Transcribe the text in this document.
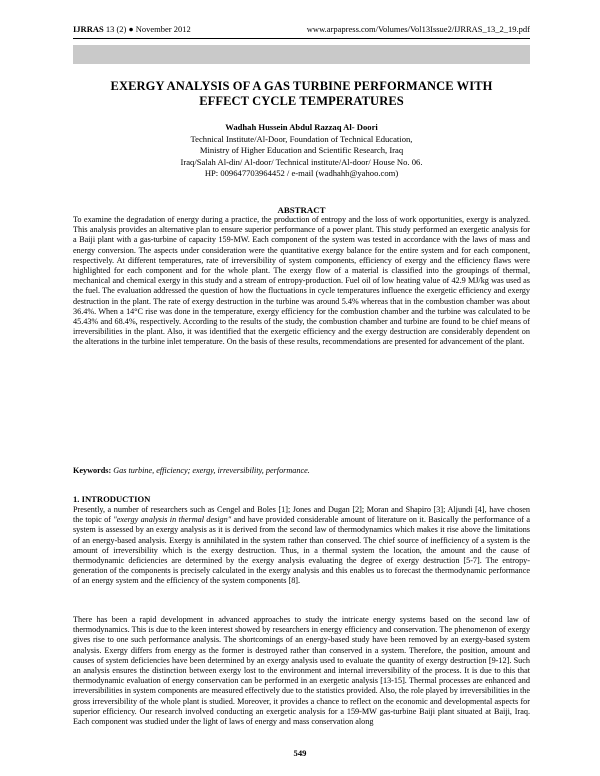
IJRRAS 13 (2) ● November 2012	www.arpapress.com/Volumes/Vol13Issue2/IJRRAS_13_2_19.pdf
EXERGY ANALYSIS OF A GAS TURBINE PERFORMANCE WITH
EFFECT CYCLE TEMPERATURES
Wadhah Hussein Abdul Razzaq Al- Doori
Technical Institute/Al-Door, Foundation of Technical Education,
Ministry of Higher Education and Scientific Research, Iraq
Iraq/Salah Al-din/ Al-door/ Technical institute/Al-door/ House No. 06.
HP: 009647703964452 / e-mail (wadhahh@yahoo.com)
ABSTRACT

To examine the degradation of energy during a practice, the production of entropy and the loss of work opportunities, exergy is analyzed. This analysis provides an alternative plan to ensure superior performance of a power plant. This study performed an exergetic analysis for a Baiji plant with a gas-turbine of capacity 159-MW. Each component of the system was tested in accordance with the laws of mass and energy conversion. The aspects under consideration were the quantitative exergy balance for the entire system and for each component, respectively. At different temperatures, rate of irreversibility of system components, efficiency of exergy and the efficiency flaws were highlighted for each component and for the whole plant. The exergy flow of a material is classified into the groupings of thermal, mechanical and chemical exergy in this study and a stream of entropy-production. Fuel oil of low heating value of 42.9 MJ/kg was used as the fuel. The evaluation addressed the question of how the fluctuations in cycle temperatures influence the exergetic efficiency and exergy destruction in the plant. The rate of exergy destruction in the turbine was around 5.4% whereas that in the combustion chamber was about 36.4%. When a 14°C rise was done in the temperature, exergy efficiency for the combustion chamber and the turbine was calculated to be 45.43% and 68.4%, respectively. According to the results of the study, the combustion chamber and turbine are found to be chief means of irreversibilities in the plant. Also, it was identified that the exergetic efficiency and the exergy destruction are considerably dependent on the alterations in the turbine inlet temperature. On the basis of these results, recommendations are presented for advancement of the plant.

Keywords: Gas turbine, efficiency; exergy, irreversibility, performance.

1. INTRODUCTION

Presently, a number of researchers such as Cengel and Boles [1]; Jones and Dugan [2]; Moran and Shapiro [3]; Aljundi [4], have chosen the topic of "exergy analysis in thermal design" and have provided considerable amount of literature on it. Basically the performance of a system is assessed by an exergy analysis as it is derived from the second law of thermodynamics which makes it rise above the limitations of an energy-based analysis. Exergy is annihilated in the system rather than conserved. The chief source of inefficiency of a system is the amount of irreversibility which is the exergy destruction. Thus, in a thermal system the location, the amount and the cause of thermodynamic deficiencies are determined by the exergy analysis evaluating the degree of exergy destruction [5-7]. The entropy-generation of the components is precisely calculated in the exergy analysis and this enables us to forecast the thermodynamic performance of an energy system and the efficiency of the system components [8].

There has been a rapid development in advanced approaches to study the intricate energy systems based on the second law of thermodynamics. This is due to the keen interest showed by researchers in energy efficiency and conservation. The phenomenon of exergy gives rise to one such performance analysis. The shortcomings of an energy-based study have been removed by an exergy-based system analysis. Exergy differs from energy as the former is destroyed rather than conserved in a system. Therefore, the position, amount and causes of system deficiencies have been determined by an exergy analysis used to evaluate the quantity of exergy destruction [9-12]. Such an analysis ensures the distinction between exergy lost to the environment and internal irreversibility of the process. It is due to this that thermodynamic evaluation of energy conservation can be performed in an exergetic analysis [13-15]. Thermal processes are enhanced and irreversibilities in system components are measured effectively due to the statistics provided. Also, the role played by irreversibilities in the gross irreversibility of the whole plant is studied. Moreover, it provides a chance to reflect on the economic and developmental aspects for superior efficiency. Our research involved conducting an exergetic analysis for a 159-MW gas-turbine Baiji plant situated at Baiji, Iraq. Each component was studied under the light of laws of energy and mass conservation along

549
